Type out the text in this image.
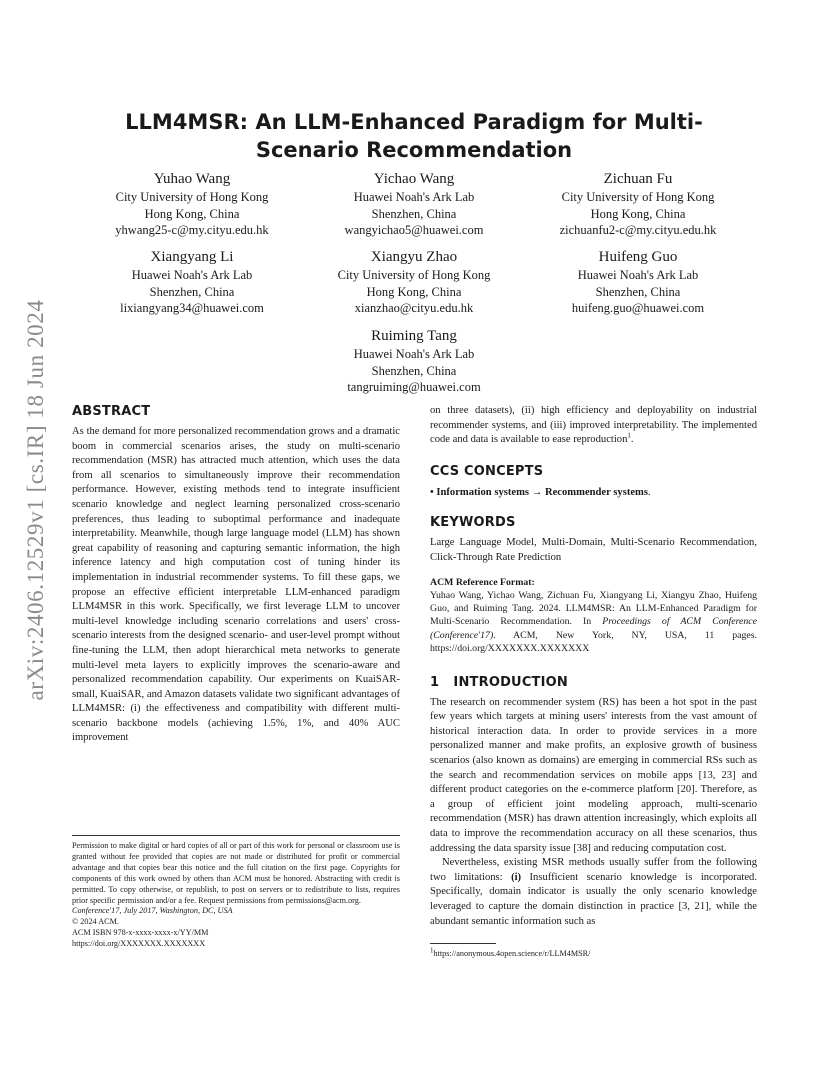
arXiv:2406.12529v1 [cs.IR] 18 Jun 2024
LLM4MSR: An LLM-Enhanced Paradigm for Multi-Scenario Recommendation
Yuhao Wang
City University of Hong Kong
Hong Kong, China
yhwang25-c@my.cityu.edu.hk
Yichao Wang
Huawei Noah's Ark Lab
Shenzhen, China
wangyichao5@huawei.com
Zichuan Fu
City University of Hong Kong
Hong Kong, China
zichuanfu2-c@my.cityu.edu.hk
Xiangyang Li
Huawei Noah's Ark Lab
Shenzhen, China
lixiangyang34@huawei.com
Xiangyu Zhao
City University of Hong Kong
Hong Kong, China
xianzhao@cityu.edu.hk
Huifeng Guo
Huawei Noah's Ark Lab
Shenzhen, China
huifeng.guo@huawei.com
Ruiming Tang
Huawei Noah's Ark Lab
Shenzhen, China
tangruiming@huawei.com
ABSTRACT

As the demand for more personalized recommendation grows and a dramatic boom in commercial scenarios arises, the study on multi-scenario recommendation (MSR) has attracted much attention, which uses the data from all scenarios to simultaneously improve their recommendation performance. However, existing methods tend to integrate insufficient scenario knowledge and neglect learning personalized cross-scenario preferences, thus leading to suboptimal performance and inadequate interpretability. Meanwhile, though large language model (LLM) has shown great capability of reasoning and capturing semantic information, the high inference latency and high computation cost of tuning hinder its implementation in industrial recommender systems. To fill these gaps, we propose an effective efficient interpretable LLM-enhanced paradigm LLM4MSR in this work. Specifically, we first leverage LLM to uncover multi-level knowledge including scenario correlations and users' cross-scenario interests from the designed scenario- and user-level prompt without fine-tuning the LLM, then adopt hierarchical meta networks to generate multi-level meta layers to explicitly improves the scenario-aware and personalized recommendation capability. Our experiments on KuaiSAR-small, KuaiSAR, and Amazon datasets validate two significant advantages of LLM4MSR: (i) the effectiveness and compatibility with different multi-scenario backbone models (achieving 1.5%, 1%, and 40% AUC improvement

Permission to make digital or hard copies of all or part of this work for personal or classroom use is granted without fee provided that copies are not made or distributed for profit or commercial advantage and that copies bear this notice and the full citation on the first page. Copyrights for components of this work owned by others than ACM must be honored. Abstracting with credit is permitted. To copy otherwise, or republish, to post on servers or to redistribute to lists, requires prior specific permission and/or a fee. Request permissions from permissions@acm.org.

Conference'17, July 2017, Washington, DC, USA

© 2024 ACM.

ACM ISBN 978-x-xxxx-xxxx-x/YY/MM

https://doi.org/XXXXXXX.XXXXXXX

on three datasets), (ii) high efficiency and deployability on industrial recommender systems, and (iii) improved interpretability. The implemented code and data is available to ease reproduction$^1$.

CCS CONCEPTS

• Information systems → Recommender systems.

KEYWORDS

Large Language Model, Multi-Domain, Multi-Scenario Recommendation, Click-Through Rate Prediction

ACM Reference Format:

Yuhao Wang, Yichao Wang, Zichuan Fu, Xiangyang Li, Xiangyu Zhao, Huifeng Guo, and Ruiming Tang. 2024. LLM4MSR: An LLM-Enhanced Paradigm for Multi-Scenario Recommendation. In Proceedings of ACM Conference (Conference'17). ACM, New York, NY, USA, 11 pages. https://doi.org/XXXXXXX.XXXXXXX

1   INTRODUCTION

The research on recommender system (RS) has been a hot spot in the past few years which targets at mining users' interests from the vast amount of historical interaction data. In order to provide services in a more personalized manner and make profits, an explosive growth of business scenarios (also known as domains) are emerging in commercial RSs such as the search and recommendation services on mobile apps [13, 23] and different product categories on the e-commerce platform [20]. Therefore, as a group of efficient joint modeling approach, multi-scenario recommendation (MSR) has drawn attention increasingly, which exploits all data to improve the recommendation accuracy on all these scenarios, thus addressing the data sparsity issue [38] and reducing computation cost.

Nevertheless, existing MSR methods usually suffer from the following two limitations: (i) Insufficient scenario knowledge is incorporated. Specifically, domain indicator is usually the only scenario knowledge leveraged to capture the domain distinction in practice [3, 21], while the abundant semantic information such as

$^1$https://anonymous.4open.science/r/LLM4MSR/
